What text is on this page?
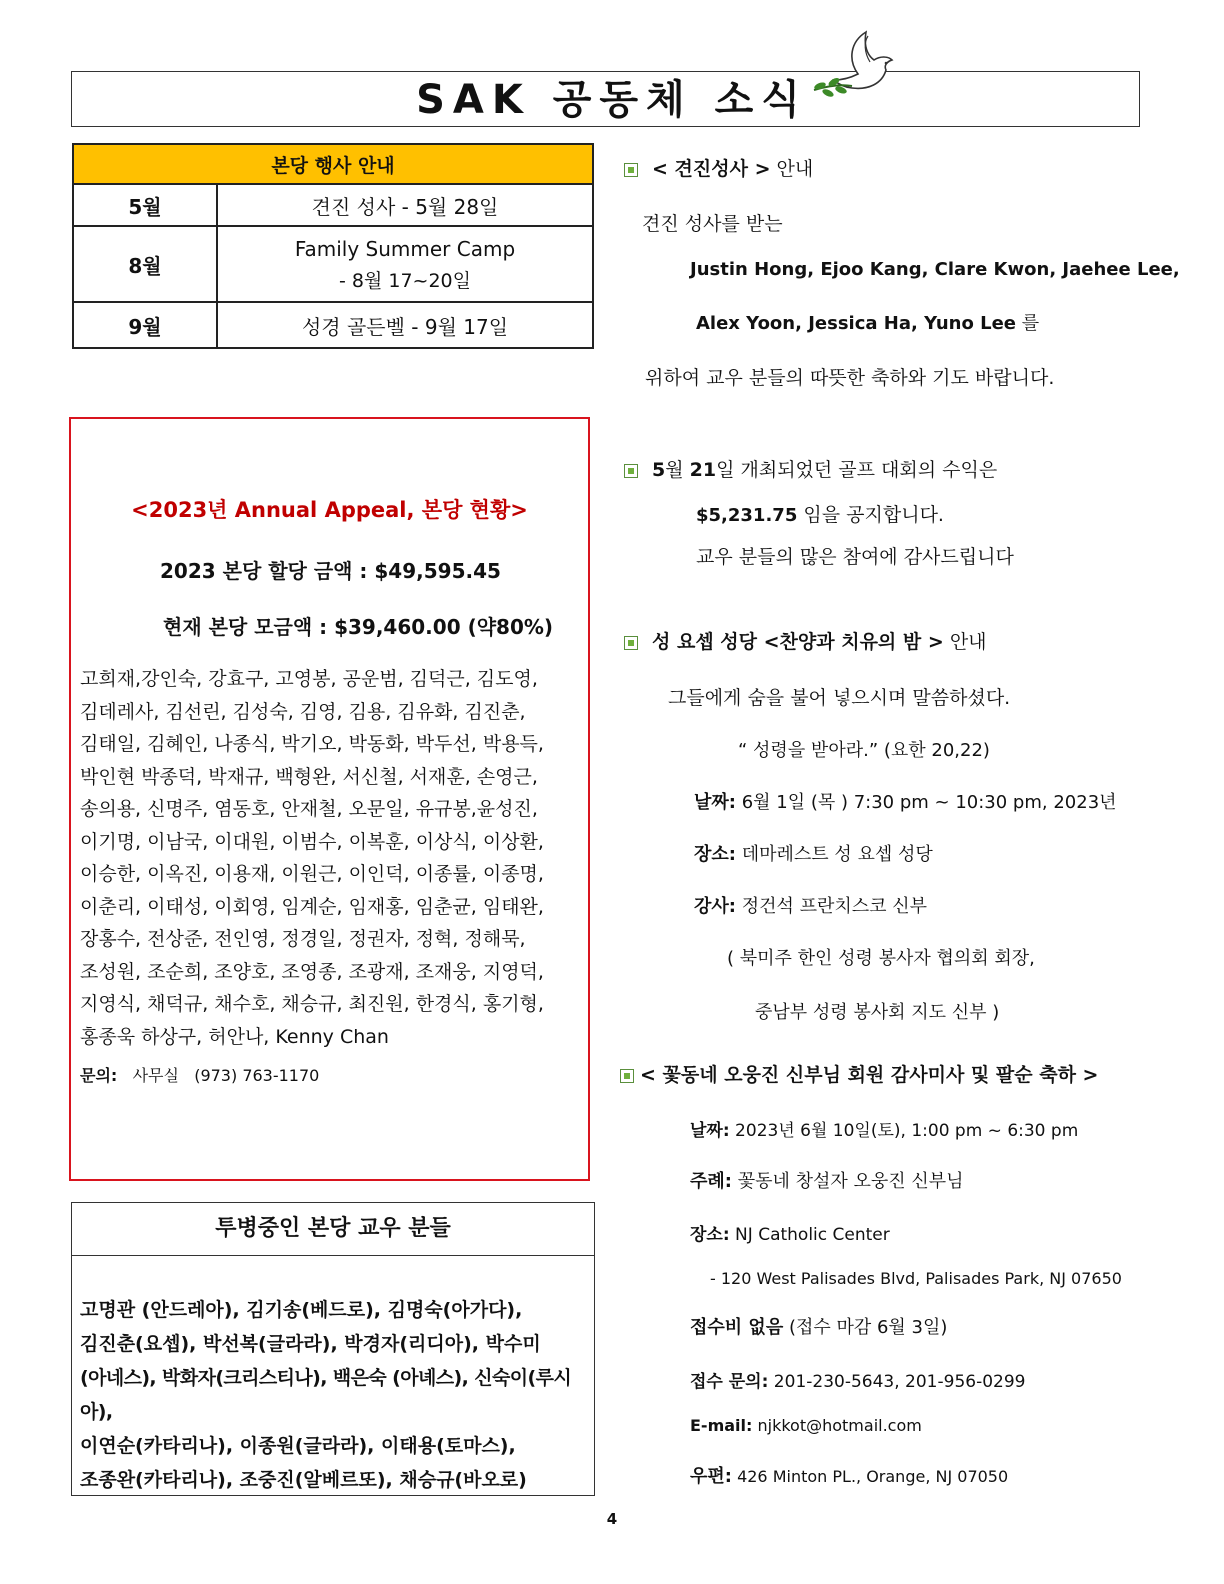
SAK 공동체 소식
본당 행사 안내	
5월	견진 성사 - 5월 28일
8월	Family Summer Camp
- 8월 17~20일

9월	성경 골든벨 - 9월 17일
<2023년 Annual Appeal, 본당 현황>
2023 본당 할당 금액 : $49,595.45
현재 본당 모금액 : $39,460.00 (약80%)
고희재,강인숙, 강효구, 고영봉, 공운범, 김덕근, 김도영,
김데레사, 김선린, 김성숙, 김영, 김용, 김유화, 김진춘,
김태일, 김혜인, 나종식, 박기오, 박동화, 박두선, 박용득,
박인현 박종덕, 박재규, 백형완, 서신철, 서재훈, 손영근,
송의용, 신명주, 염동호, 안재철, 오문일, 유규봉,윤성진,
이기명, 이남국, 이대원, 이범수, 이복훈, 이상식, 이상환,
이승한, 이옥진, 이용재, 이원근, 이인덕, 이종률, 이종명,
이춘리, 이태성, 이회영, 임계순, 임재홍, 임춘균, 임태완,
장홍수, 전상준, 전인영, 정경일, 정권자, 정혁, 정해묵,
조성원, 조순희, 조양호, 조영종, 조광재, 조재웅, 지영덕,
지영식, 채덕규, 채수호, 채승규, 최진원, 한경식, 홍기형,
홍종욱 하상구, 허안나, Kenny Chan
문의: 사무실   (973) 763-1170
투병중인 본당 교우 분들
고명관 (안드레아), 김기송(베드로), 김명숙(아가다),
김진춘(요셉), 박선복(글라라), 박경자(리디아), 박수미
(아네스), 박화자(크리스티나), 백은숙 (아녜스), 신숙이(루시아),
이연순(카타리나), 이종원(글라라), 이태용(토마스),
조종완(카타리나), 조중진(알베르또), 채승규(바오로)
< 견진성사 > 안내
견진 성사를 받는
Justin Hong, Ejoo Kang, Clare Kwon, Jaehee Lee,
Alex Yoon, Jessica Ha, Yuno Lee 를
위하여 교우 분들의 따뜻한 축하와 기도 바랍니다.
5월 21일 개최되었던 골프 대회의 수익은
$5,231.75 임을 공지합니다.
교우 분들의 많은 참여에 감사드립니다
성 요셉 성당 <찬양과 치유의 밤 > 안내
그들에게 숨을 불어 넣으시며 말씀하셨다.
“ 성령을 받아라.” (요한 20,22)
날짜: 6월 1일 (목 ) 7:30 pm ~ 10:30 pm, 2023년
장소: 데마레스트 성 요셉 성당
강사: 정건석 프란치스코 신부
( 북미주 한인 성령 봉사자 협의회 회장,
중남부 성령 봉사회 지도 신부 )
< 꽃동네 오웅진 신부님 회원 감사미사 및 팔순 축하 >
날짜: 2023년 6월 10일(토), 1:00 pm ~ 6:30 pm
주례: 꽃동네 창설자 오웅진 신부님
장소: NJ Catholic Center
- 120 West Palisades Blvd, Palisades Park, NJ 07650
접수비 없음 (접수 마감 6월 3일)
접수 문의: 201-230-5643, 201-956-0299
E-mail: njkkot@hotmail.com
우편: 426 Minton PL., Orange, NJ 07050
4
